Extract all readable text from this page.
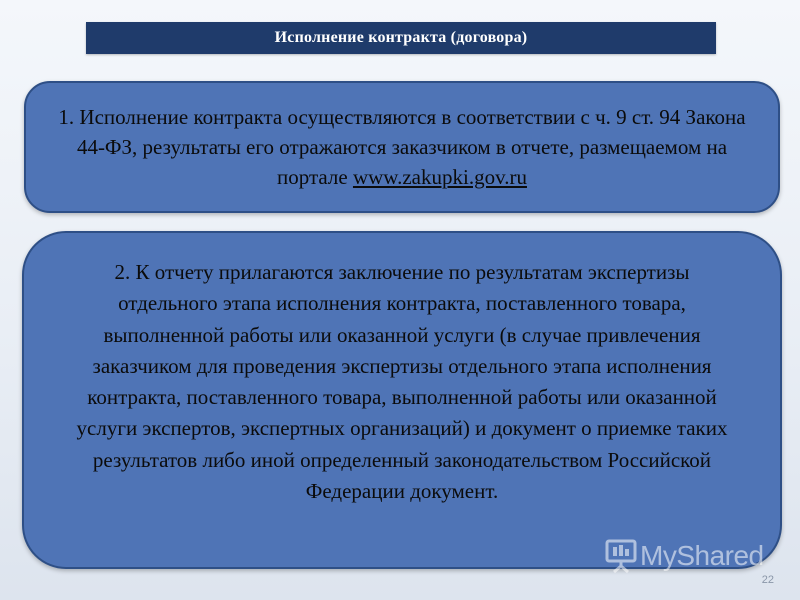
Исполнение контракта (договора)
1. Исполнение контракта осуществляются в соответствии с ч. 9 ст. 94 Закона 44-ФЗ, результаты его отражаются заказчиком в отчете, размещаемом на портале www.zakupki.gov.ru
2. К отчету прилагаются заключение по результатам экспертизы отдельного этапа исполнения контракта, поставленного товара, выполненной работы или оказанной услуги (в случае привлечения заказчиком для проведения экспертизы отдельного этапа исполнения контракта, поставленного товара, выполненной работы или оказанной услуги экспертов, экспертных организаций) и документ о приемке таких результатов либо иной определенный законодательством Российской Федерации документ.
MyShared
22
